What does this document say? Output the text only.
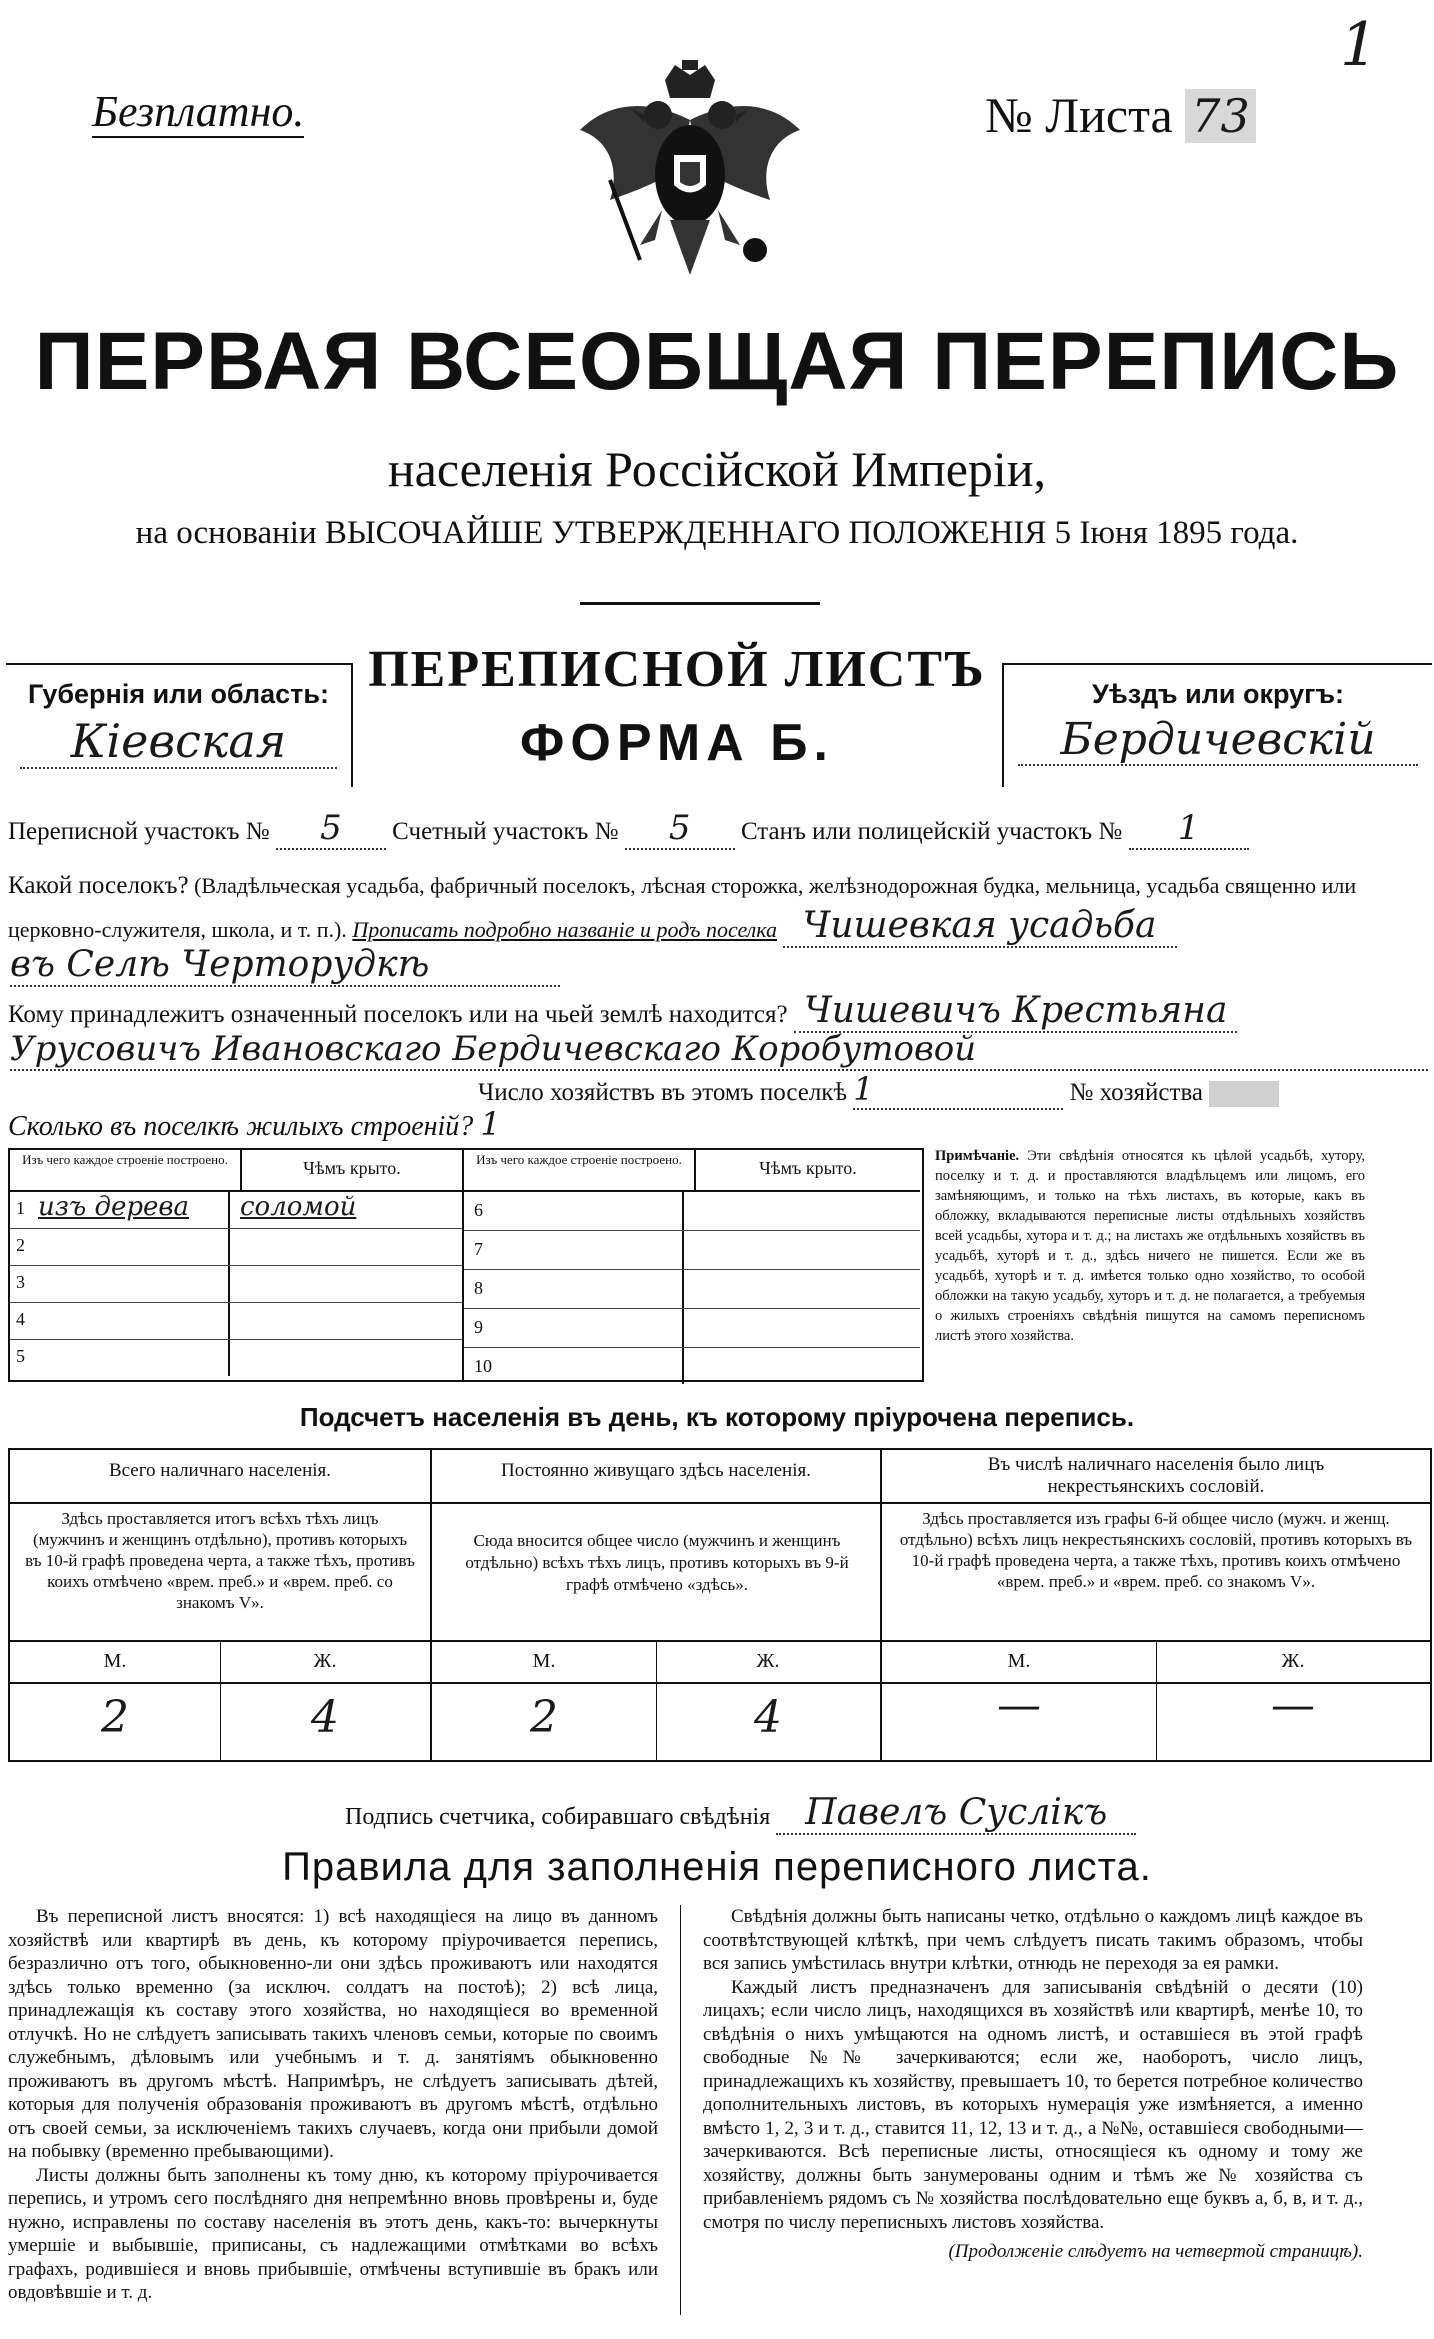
1
Безплатно.	№ Листа 73
ПЕРВАЯ ВСЕОБЩАЯ ПЕРЕПИСЬ
населенія Россійской Имперіи,
на основаніи ВЫСОЧАЙШЕ УТВЕРЖДЕННАГО ПОЛОЖЕНІЯ 5 Іюня 1895 года.
Губернія или область:
Кіевская
ПЕРЕПИСНОЙ ЛИСТЪ
ФОРМА Б.
Уѣздъ или округъ:
Бердичевскій
Переписной участокъ № 5 Счетный участокъ № 5 Станъ или полицейскій участокъ № 1
Какой поселокъ? (Владѣльческая усадьба, фабричный поселокъ, лѣсная сторожка, желѣзнодорожная будка, мельница, усадьба священно или церковно-служителя, школа, и т. п.). Прописать подробно названіе и родъ поселка Чишевкая усадьба
въ Селѣ Черторудкѣ
Кому принадлежитъ означенный поселокъ или на чьей землѣ находится? Чишевичъ Крестьяна
Урусовичъ Ивановскаго Бердичевскаго Коробутовой
Число хозяйствъ въ этомъ поселкѣ 1	№ хозяйства
Сколько въ поселкѣ жилыхъ строеній? 1
Изъ чего каждое строеніе построено.	Чѣмъ крыто.
1 изъ дерева соломой
2
3
4
5
Изъ чего каждое строеніе построено.	Чѣмъ крыто.
6
7
8
9
10
Примѣчаніе. Эти свѣдѣнія относятся къ цѣлой усадьбѣ, хутору, поселку и т. д. и проставляются владѣльцемъ или лицомъ, его замѣняющимъ, и только на тѣхъ листахъ, въ которые, какъ въ обложку, вкладываются переписные листы отдѣльныхъ хозяйствъ всей усадьбы, хутора и т. д.; на листахъ же отдѣльныхъ хозяйствъ въ усадьбѣ, хуторѣ и т. д., здѣсь ничего не пишется. Если же въ усадьбѣ, хуторѣ и т. д. имѣется только одно хозяйство, то особой обложки на такую усадьбу, хуторъ и т. д. не полагается, а требуемыя о жилыхъ строеніяхъ свѣдѣнія пишутся на самомъ переписномъ листѣ этого хозяйства.
Подсчетъ населенія въ день, къ которому пріурочена перепись.
Всего наличнаго населенія.	Постоянно живущаго здѣсь населенія.	Въ числѣ наличнаго населенія было лицъ некрестьянскихъ сословій.
Здѣсь проставляется итогъ всѣхъ тѣхъ лицъ (мужчинъ и женщинъ отдѣльно), противъ которыхъ въ 10-й графѣ проведена черта, а также тѣхъ, противъ коихъ отмѣчено «врем. преб.» и «врем. преб. со знакомъ V».
Сюда вносится общее число (мужчинъ и женщинъ отдѣльно) всѣхъ тѣхъ лицъ, противъ которыхъ въ 9-й графѣ отмѣчено «здѣсь».
Здѣсь проставляется изъ графы 6-й общее число (мужч. и женщ. отдѣльно) всѣхъ лицъ некрестьянскихъ сословій, противъ которыхъ въ 10-й графѣ проведена черта, а также тѣхъ, противъ коихъ отмѣчено «врем. преб.» и «врем. преб. со знакомъ V».
М.	Ж.	М.	Ж.	М.	Ж.
2	4	2	4	—	—
Подпись счетчика, собиравшаго свѣдѣнія Павелъ Суслікъ
Правила для заполненія переписного листа.

Въ переписной листъ вносятся: 1) всѣ находящіеся на лицо въ данномъ хозяйствѣ или квартирѣ въ день, къ которому пріурочивается перепись, безразлично отъ того, обыкновенно-ли они здѣсь проживаютъ или находятся здѣсь только временно (за исключ. солдатъ на постоѣ); 2) всѣ лица, принадлежащія къ составу этого хозяйства, но находящіеся во временной отлучкѣ. Но не слѣдуетъ записывать такихъ членовъ семьи, которые по своимъ служебнымъ, дѣловымъ или учебнымъ и т. д. занятіямъ обыкновенно проживаютъ въ другомъ мѣстѣ. Напримѣръ, не слѣдуетъ записывать дѣтей, которыя для полученія образованія проживаютъ въ другомъ мѣстѣ, отдѣльно отъ своей семьи, за исключеніемъ такихъ случаевъ, когда они прибыли домой на побывку (временно пребывающими).

Листы должны быть заполнены къ тому дню, къ которому пріурочивается перепись, и утромъ сего послѣдняго дня непремѣнно вновь провѣрены и, буде нужно, исправлены по составу населенія въ этотъ день, какъ-то: вычеркнуты умершіе и выбывшіе, приписаны, съ надлежащими отмѣтками во всѣхъ графахъ, родившіеся и вновь прибывшіе, отмѣчены вступившіе въ бракъ или овдовѣвшіе и т. д.

Свѣдѣнія должны быть написаны четко, отдѣльно о каждомъ лицѣ каждое въ соотвѣтствующей клѣткѣ, при чемъ слѣдуетъ писать такимъ образомъ, чтобы вся запись умѣстилась внутри клѣтки, отнюдь не переходя за ея рамки.

Каждый листъ предназначенъ для записыванія свѣдѣній о десяти (10) лицахъ; если число лицъ, находящихся въ хозяйствѣ или квартирѣ, менѣе 10, то свѣдѣнія о нихъ умѣщаются на одномъ листѣ, и оставшіеся въ этой графѣ свободные №№ зачеркиваются; если же, наоборотъ, число лицъ, принадлежащихъ къ хозяйству, превышаетъ 10, то берется потребное количество дополнительныхъ листовъ, въ которыхъ нумерація уже измѣняется, а именно вмѣсто 1, 2, 3 и т. д., ставится 11, 12, 13 и т. д., а №№, оставшіеся свободными—зачеркиваются. Всѣ переписные листы, относящіеся къ одному и тому же хозяйству, должны быть занумерованы одним и тѣмъ же № хозяйства съ прибавленіемъ рядомъ съ № хозяйства послѣдовательно еще буквъ а, б, в, и т. д., смотря по числу переписныхъ листовъ хозяйства.

(Продолженіе слѣдуетъ на четвертой страницѣ).
